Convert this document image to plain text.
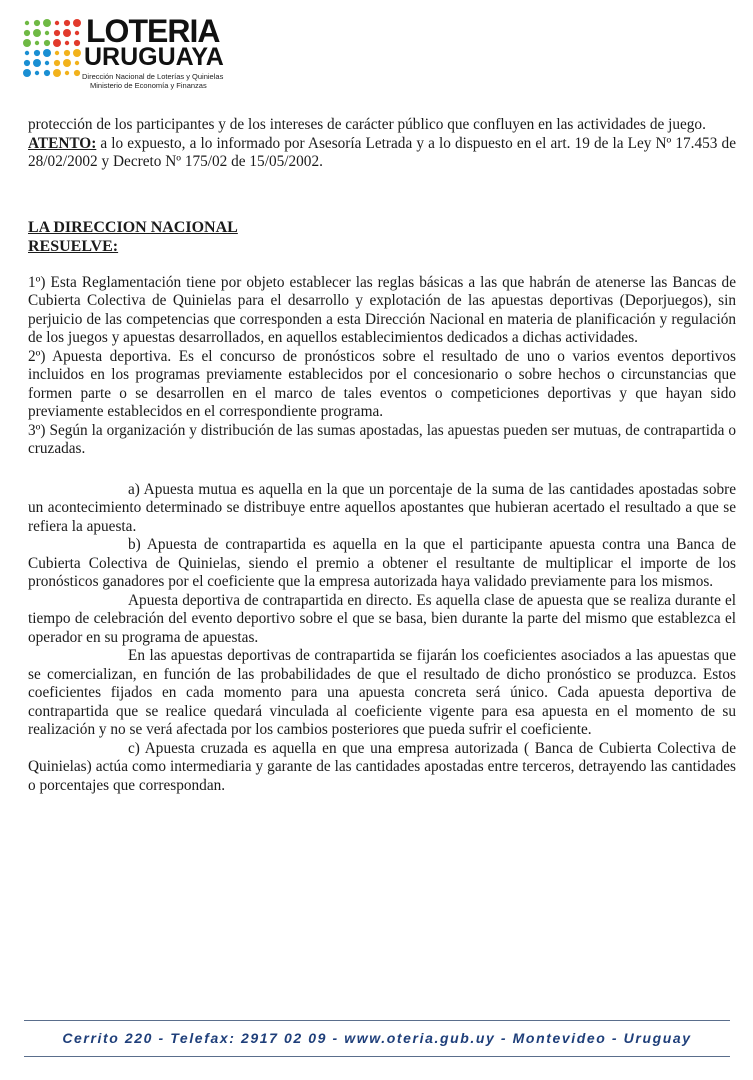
LOTERIA
URUGUAYA
Dirección Nacional de Loterías y Quinielas
Ministerio de Economía y Finanzas

protección de los participantes y de los intereses de carácter público que confluyen en las actividades de juego.

ATENTO: a lo expuesto, a lo informado por Asesoría Letrada y a lo dispuesto en el art. 19 de la Ley Nº 17.453 de 28/02/2002 y Decreto Nº 175/02 de 15/05/2002.

LA DIRECCION NACIONAL

RESUELVE:

1º) Esta Reglamentación tiene por objeto establecer las reglas básicas a las que habrán de atenerse las Bancas de Cubierta Colectiva de Quinielas para el desarrollo y explotación de las apuestas deportivas (Deporjuegos), sin perjuicio de las competencias que corresponden a esta Dirección Nacional en materia de planificación y regulación de los juegos y apuestas desarrollados, en aquellos establecimientos dedicados a dichas actividades.

2º) Apuesta deportiva. Es el concurso de pronósticos sobre el resultado de uno o varios eventos deportivos incluidos en los programas previamente establecidos por el concesionario o sobre hechos o circunstancias que formen parte o se desarrollen en el marco de tales eventos o competiciones deportivas y que hayan sido previamente establecidos en el correspondiente programa.

3º) Según la organización y distribución de las sumas apostadas, las apuestas pueden ser mutuas, de contrapartida o cruzadas.

a) Apuesta mutua es aquella en la que un porcentaje de la suma de las cantidades apostadas sobre un acontecimiento determinado se distribuye entre aquellos apostantes que hubieran acertado el resultado a que se refiera la apuesta.

b) Apuesta de contrapartida es aquella en la que el participante apuesta contra una Banca de Cubierta Colectiva de Quinielas, siendo el premio a obtener el resultante de multiplicar el importe de los pronósticos ganadores por el coeficiente que la empresa autorizada haya validado previamente para los mismos.

Apuesta deportiva de contrapartida en directo. Es aquella clase de apuesta que se realiza durante el tiempo de celebración del evento deportivo sobre el que se basa, bien durante la parte del mismo que establezca el operador en su programa de apuestas.

En las apuestas deportivas de contrapartida se fijarán los coeficientes asociados a las apuestas que se comercializan, en función de las probabilidades de que el resultado de dicho pronóstico se produzca. Estos coeficientes fijados en cada momento para una apuesta concreta será único. Cada apuesta deportiva de contrapartida que se realice quedará vinculada al coeficiente vigente para esa apuesta en el momento de su realización y no se verá afectada por los cambios posteriores que pueda sufrir el coeficiente.

c) Apuesta cruzada es aquella en que una empresa autorizada ( Banca de Cubierta Colectiva de Quinielas) actúa como intermediaria y garante de las cantidades apostadas entre terceros, detrayendo las cantidades o porcentajes que correspondan.

Cerrito 220 - Telefax: 2917 02 09 - www.oteria.gub.uy - Montevideo - Uruguay
